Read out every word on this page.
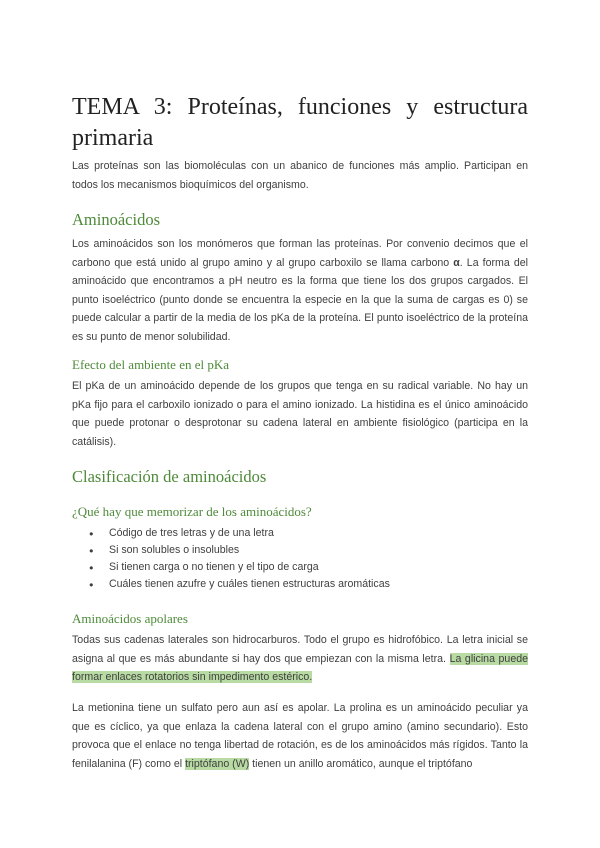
TEMA 3: Proteínas, funciones y estructura primaria

Las proteínas son las biomoléculas con un abanico de funciones más amplio. Participan en todos los mecanismos bioquímicos del organismo.

Aminoácidos

Los aminoácidos son los monómeros que forman las proteínas. Por convenio decimos que el carbono que está unido al grupo amino y al grupo carboxilo se llama carbono α. La forma del aminoácido que encontramos a pH neutro es la forma que tiene los dos grupos cargados. El punto isoeléctrico (punto donde se encuentra la especie en la que la suma de cargas es 0) se puede calcular a partir de la media de los pKa de la proteína. El punto isoeléctrico de la proteína es su punto de menor solubilidad.

Efecto del ambiente en el pKa

El pKa de un aminoácido depende de los grupos que tenga en su radical variable. No hay un pKa fijo para el carboxilo ionizado o para el amino ionizado. La histidina es el único aminoácido que puede protonar o desprotonar su cadena lateral en ambiente fisiológico (participa en la catálisis).

Clasificación de aminoácidos
¿Qué hay que memorizar de los aminoácidos?
● Código de tres letras y de una letra
● Si son solubles o insolubles
● Si tienen carga o no tienen y el tipo de carga
● Cuáles tienen azufre y cuáles tienen estructuras aromáticas
Aminoácidos apolares

Todas sus cadenas laterales son hidrocarburos. Todo el grupo es hidrofóbico. La letra inicial se asigna al que es más abundante si hay dos que empiezan con la misma letra. La glicina puede formar enlaces rotatorios sin impedimento estérico.

La metionina tiene un sulfato pero aun así es apolar. La prolina es un aminoácido peculiar ya que es cíclico, ya que enlaza la cadena lateral con el grupo amino (amino secundario). Esto provoca que el enlace no tenga libertad de rotación, es de los aminoácidos más rígidos. Tanto la fenilalanina (F) como el triptófano (W) tienen un anillo aromático, aunque el triptófano
